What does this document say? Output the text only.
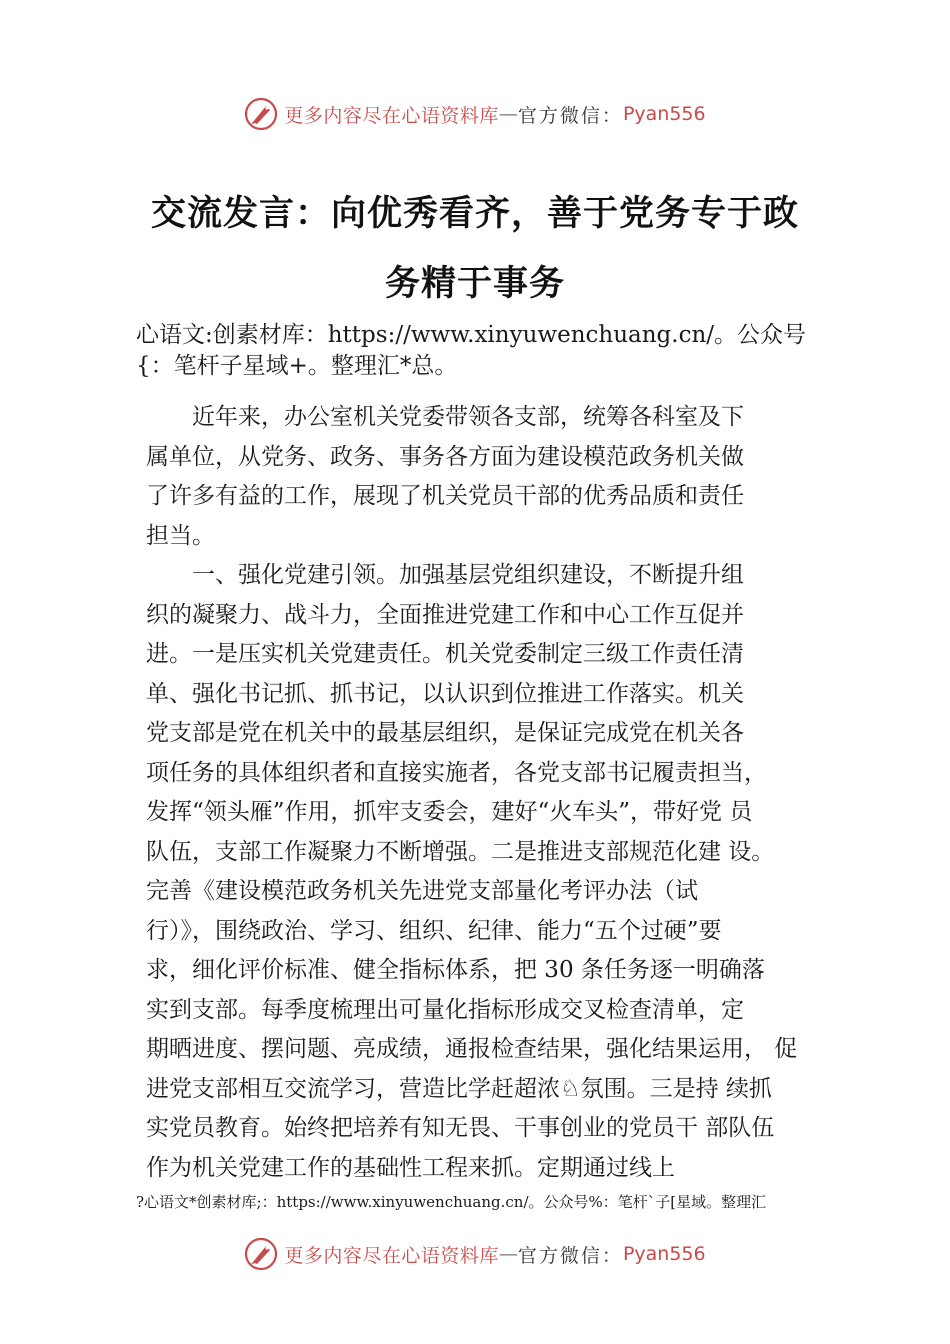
更多内容尽在心语资料库 — 官方微信： Pyan556
交流发言：向优秀看齐，善于党务专于政
务精于事务
心语文:创素材库：https://www.xinyuwenchuang.cn/。公众号
{：笔杆子星域+。整理汇*总。
　　近年来，办公室机关党委带领各支部，统筹各科室及下
属单位，从党务、政务、事务各方面为建设模范政务机关做
了许多有益的工作，展现了机关党员干部的优秀品质和责任
担当。
　　一、强化党建引领。加强基层党组织建设，不断提升组
织的凝聚力、战斗力，全面推进党建工作和中心工作互促并
进。一是压实机关党建责任。机关党委制定三级工作责任清
单、强化书记抓、抓书记，以认识到位推进工作落实。机关
党支部是党在机关中的最基层组织，是保证完成党在机关各
项任务的具体组织者和直接实施者，各党支部书记履责担当，
发挥“领头雁”作用，抓牢支委会，建好“火车头”，带好党 员
队伍，支部工作凝聚力不断增强。二是推进支部规范化建 设。
完善《建设模范政务机关先进党支部量化考评办法（试
行）》，围绕政治、学习、组织、纪律、能力“五个过硬”要
求，细化评价标准、健全指标体系，把 30 条任务逐一明确落
实到支部。每季度梳理出可量化指标形成交叉检查清单，定
期晒进度、摆问题、亮成绩，通报检查结果，强化结果运用， 促
进党支部相互交流学习，营造比学赶超浓♘氛围。三是持 续抓
实党员教育。始终把培养有知无畏、干事创业的党员干 部队伍
作为机关党建工作的基础性工程来抓。定期通过线上
?心语文*创素材库;：https://www.xinyuwenchuang.cn/。公众号%：笔杆`子[星域。整理汇
更多内容尽在心语资料库 — 官方微信： Pyan556
